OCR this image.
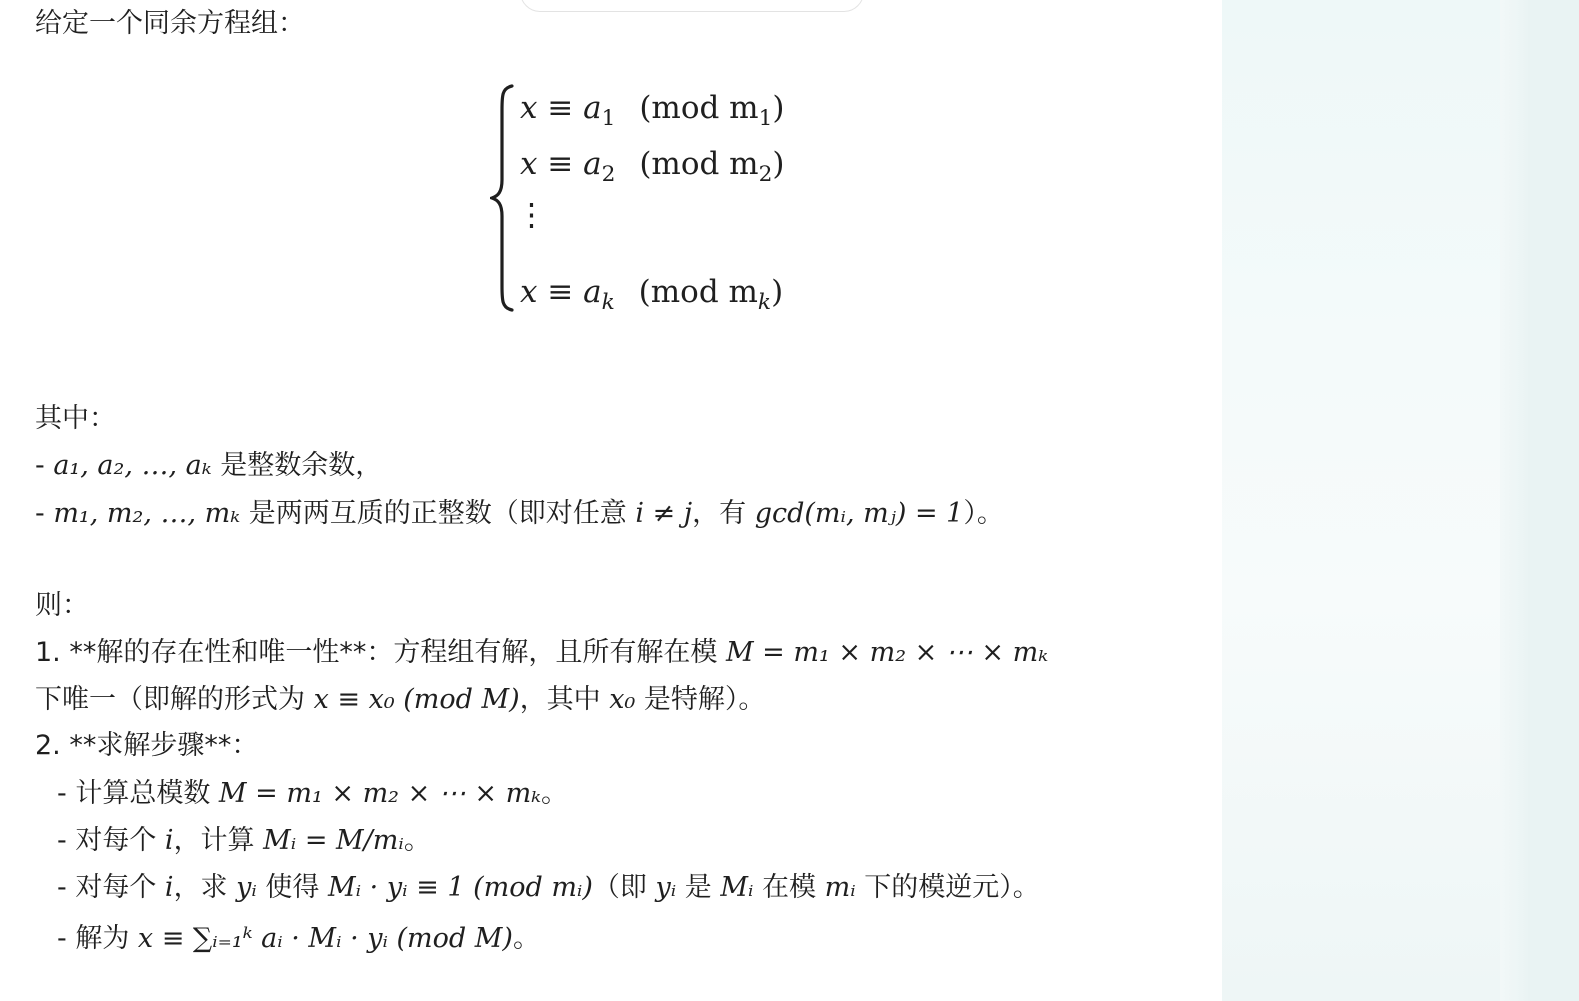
给定一个同余方程组：
$x \equiv a_1$ (mod $m_1$)
$x \equiv a_2$ (mod $m_2$)
⋮
$x \equiv a_k$ (mod $m_k$)
其中：
- a₁, a₂, …, aₖ 是整数余数，
- m₁, m₂, …, mₖ 是两两互质的正整数（即对任意 i ≠ j，有 gcd(mᵢ, mⱼ) = 1）。
则：
1. **解的存在性和唯一性**：方程组有解，且所有解在模 M = m₁ × m₂ × ⋯ × mₖ
下唯一（即解的形式为 x ≡ x₀ (mod M)，其中 x₀ 是特解）。
2. **求解步骤**：
- 计算总模数 M = m₁ × m₂ × ⋯ × mₖ。
- 对每个 i，计算 Mᵢ = M/mᵢ。
- 对每个 i，求 yᵢ 使得 Mᵢ · yᵢ ≡ 1 (mod mᵢ)（即 yᵢ 是 Mᵢ 在模 mᵢ 下的模逆元）。
- 解为 x ≡ ∑ᵢ₌₁ᵏ aᵢ · Mᵢ · yᵢ (mod M)。
